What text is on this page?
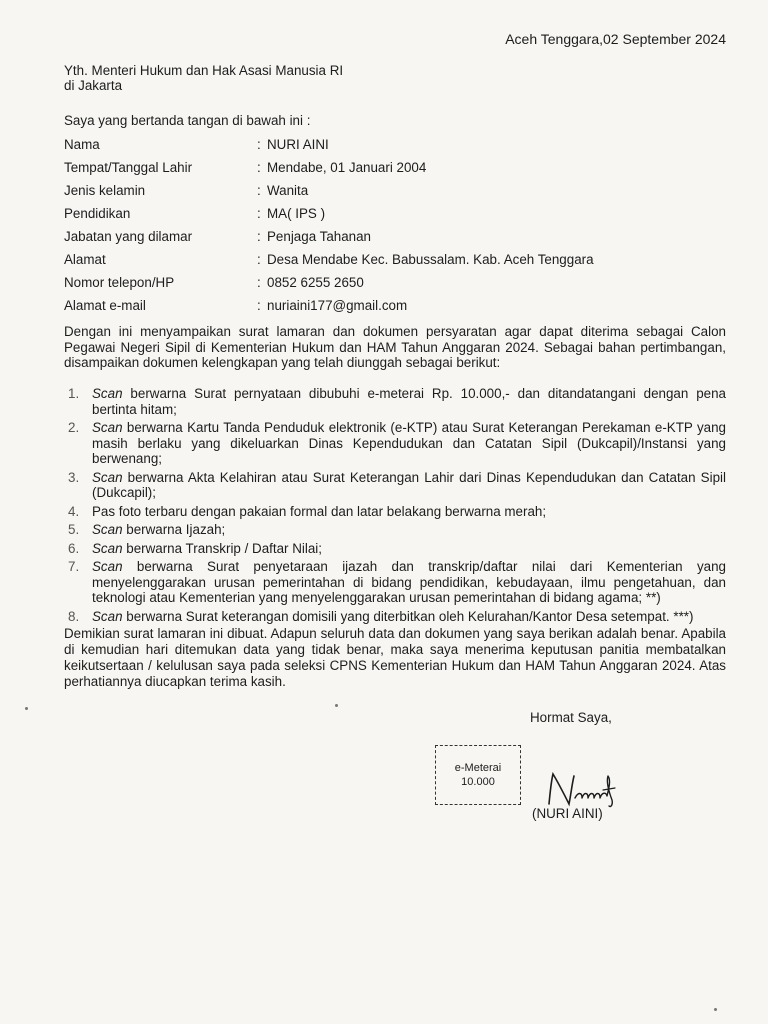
Aceh Tenggara,02 September 2024
Yth. Menteri Hukum dan Hak Asasi Manusia RI
di Jakarta
Saya yang bertanda tangan di bawah ini :
Nama	: NURI AINI
Tempat/Tanggal Lahir	: Mendabe, 01 Januari 2004
Jenis kelamin	: Wanita
Pendidikan	: MA( IPS )
Jabatan yang dilamar	: Penjaga Tahanan
Alamat	: Desa Mendabe Kec. Babussalam. Kab. Aceh Tenggara
Nomor telepon/HP	: 0852 6255 2650
Alamat e-mail	: nuriaini177@gmail.com
Dengan ini menyampaikan surat lamaran dan dokumen persyaratan agar dapat diterima sebagai Calon Pegawai Negeri Sipil di Kementerian Hukum dan HAM Tahun Anggaran 2024. Sebagai bahan pertimbangan, disampaikan dokumen kelengkapan yang telah diunggah sebagai berikut:
1. Scan berwarna Surat pernyataan dibubuhi e-meterai Rp. 10.000,- dan ditandatangani dengan pena bertinta hitam;
2. Scan berwarna Kartu Tanda Penduduk elektronik (e-KTP) atau Surat Keterangan Perekaman e-KTP yang masih berlaku yang dikeluarkan Dinas Kependudukan dan Catatan Sipil (Dukcapil)/Instansi yang berwenang;
3. Scan berwarna Akta Kelahiran atau Surat Keterangan Lahir dari Dinas Kependudukan dan Catatan Sipil (Dukcapil);
4. Pas foto terbaru dengan pakaian formal dan latar belakang berwarna merah;
5. Scan berwarna Ijazah;
6. Scan berwarna Transkrip / Daftar Nilai;
7. Scan berwarna Surat penyetaraan ijazah dan transkrip/daftar nilai dari Kementerian yang menyelenggarakan urusan pemerintahan di bidang pendidikan, kebudayaan, ilmu pengetahuan, dan teknologi atau Kementerian yang menyelenggarakan urusan pemerintahan di bidang agama; **)
8. Scan berwarna Surat keterangan domisili yang diterbitkan oleh Kelurahan/Kantor Desa setempat. ***)
Demikian surat lamaran ini dibuat. Adapun seluruh data dan dokumen yang saya berikan adalah benar. Apabila di kemudian hari ditemukan data yang tidak benar, maka saya menerima keputusan panitia membatalkan keikutsertaan / kelulusan saya pada seleksi CPNS Kementerian Hukum dan HAM Tahun Anggaran 2024. Atas perhatiannya diucapkan terima kasih.
Hormat Saya,
e-Meterai
10.000
(NURI AINI)
